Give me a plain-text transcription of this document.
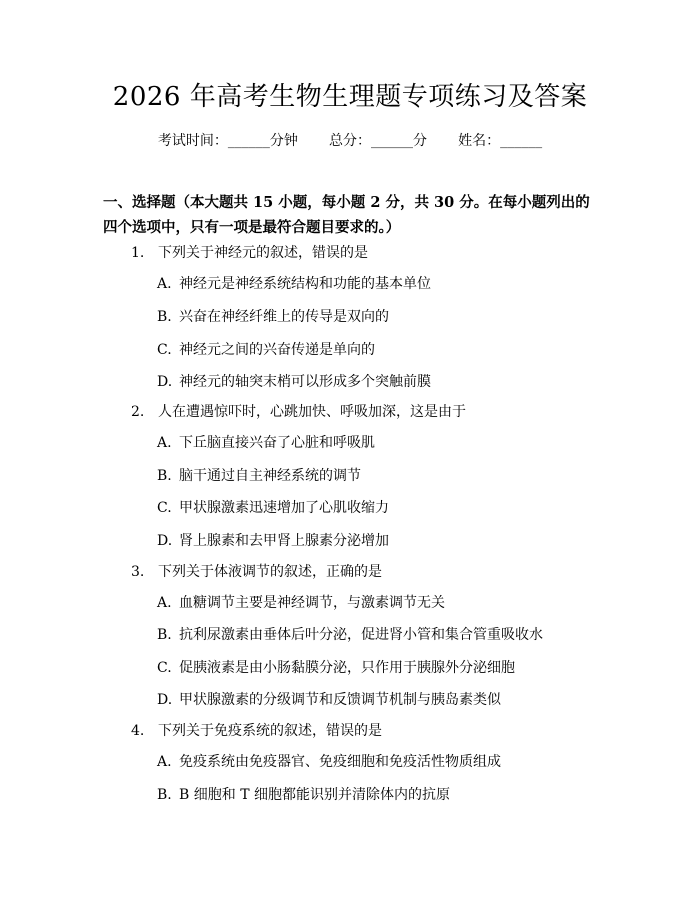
2026 年高考生物生理题专项练习及答案
考试时间：______分钟 总分：______分 姓名：______
一、选择题（本大题共 15 小题，每小题 2 分，共 30 分。在每小题列出的四个选项中，只有一项是最符合题目要求的。）
1. 下列关于神经元的叙述，错误的是
A. 神经元是神经系统结构和功能的基本单位
B. 兴奋在神经纤维上的传导是双向的
C. 神经元之间的兴奋传递是单向的
D. 神经元的轴突末梢可以形成多个突触前膜
2. 人在遭遇惊吓时，心跳加快、呼吸加深，这是由于
A. 下丘脑直接兴奋了心脏和呼吸肌
B. 脑干通过自主神经系统的调节
C. 甲状腺激素迅速增加了心肌收缩力
D. 肾上腺素和去甲肾上腺素分泌增加
3. 下列关于体液调节的叙述，正确的是
A. 血糖调节主要是神经调节，与激素调节无关
B. 抗利尿激素由垂体后叶分泌，促进肾小管和集合管重吸收水
C. 促胰液素是由小肠黏膜分泌，只作用于胰腺外分泌细胞
D. 甲状腺激素的分级调节和反馈调节机制与胰岛素类似
4. 下列关于免疫系统的叙述，错误的是
A. 免疫系统由免疫器官、免疫细胞和免疫活性物质组成
B. B 细胞和 T 细胞都能识别并清除体内的抗原
